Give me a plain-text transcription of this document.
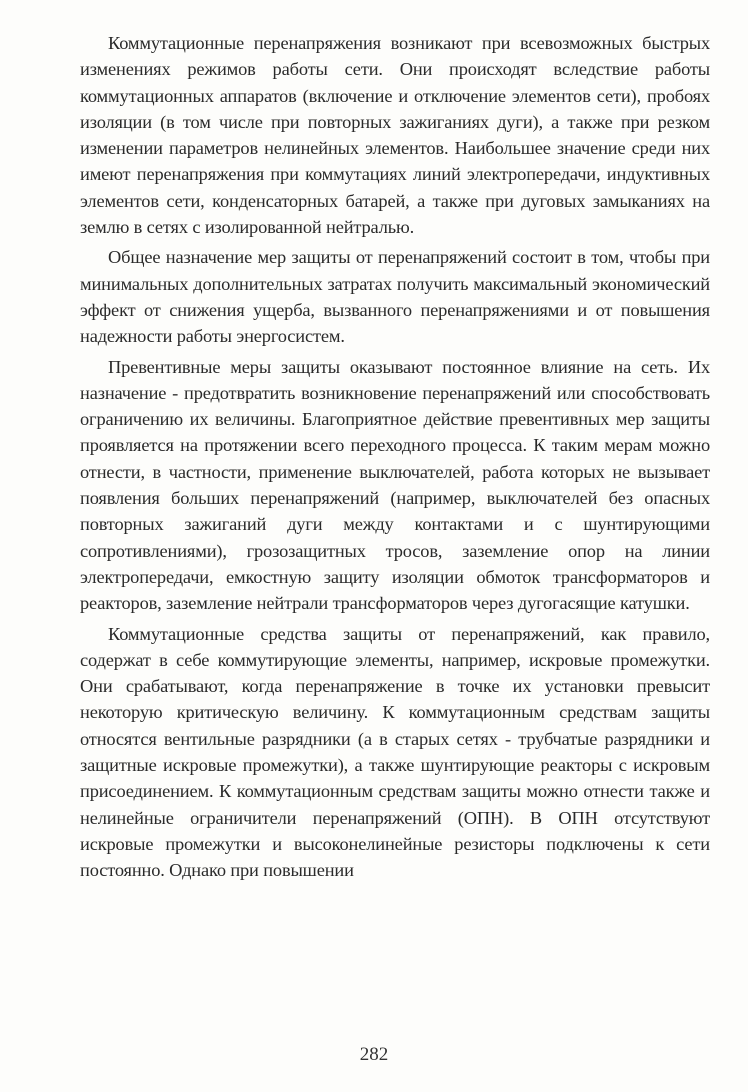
Коммутационные перенапряжения возникают при всевозможных быстрых изменениях режимов работы сети. Они происходят вследствие работы коммутационных аппаратов (включение и отключение элементов сети), пробоях изоляции (в том числе при повторных зажиганиях дуги), а также при резком изменении параметров нелинейных элементов. Наибольшее значение среди них имеют перенапряжения при коммутациях линий электропередачи, индуктивных элементов сети, конденсаторных батарей, а также при дуговых замыканиях на землю в сетях с изолированной нейтралью.

Общее назначение мер защиты от перенапряжений состоит в том, чтобы при минимальных дополнительных затратах получить максимальный экономический эффект от снижения ущерба, вызванного перенапряжениями и от повышения надежности работы энергосистем.

Превентивные меры защиты оказывают постоянное влияние на сеть. Их назначение - предотвратить возникновение перенапряжений или способствовать ограничению их величины. Благоприятное действие превентивных мер защиты проявляется на протяжении всего переходного процесса. К таким мерам можно отнести, в частности, применение выключателей, работа которых не вызывает появления больших перенапряжений (например, выключателей без опасных повторных зажиганий дуги между контактами и с шунтирующими сопротивлениями), грозозащитных тросов, заземление опор на линии электропередачи, емкостную защиту изоляции обмоток трансформаторов и реакторов, заземление нейтрали трансформаторов через дугогасящие катушки.

Коммутационные средства защиты от перенапряжений, как правило, содержат в себе коммутирующие элементы, например, искровые промежутки. Они срабатывают, когда перенапряжение в точке их установки превысит некоторую критическую величину. К коммутационным средствам защиты относятся вентильные разрядники (а в старых сетях - трубчатые разрядники и защитные искровые промежутки), а также шунтирующие реакторы с искровым присоединением. К коммутационным средствам защиты можно отнести также и нелинейные ограничители перенапряжений (ОПН). В ОПН отсутствуют искровые промежутки и высоконелинейные резисторы подключены к сети постоянно. Однако при повышении

282
